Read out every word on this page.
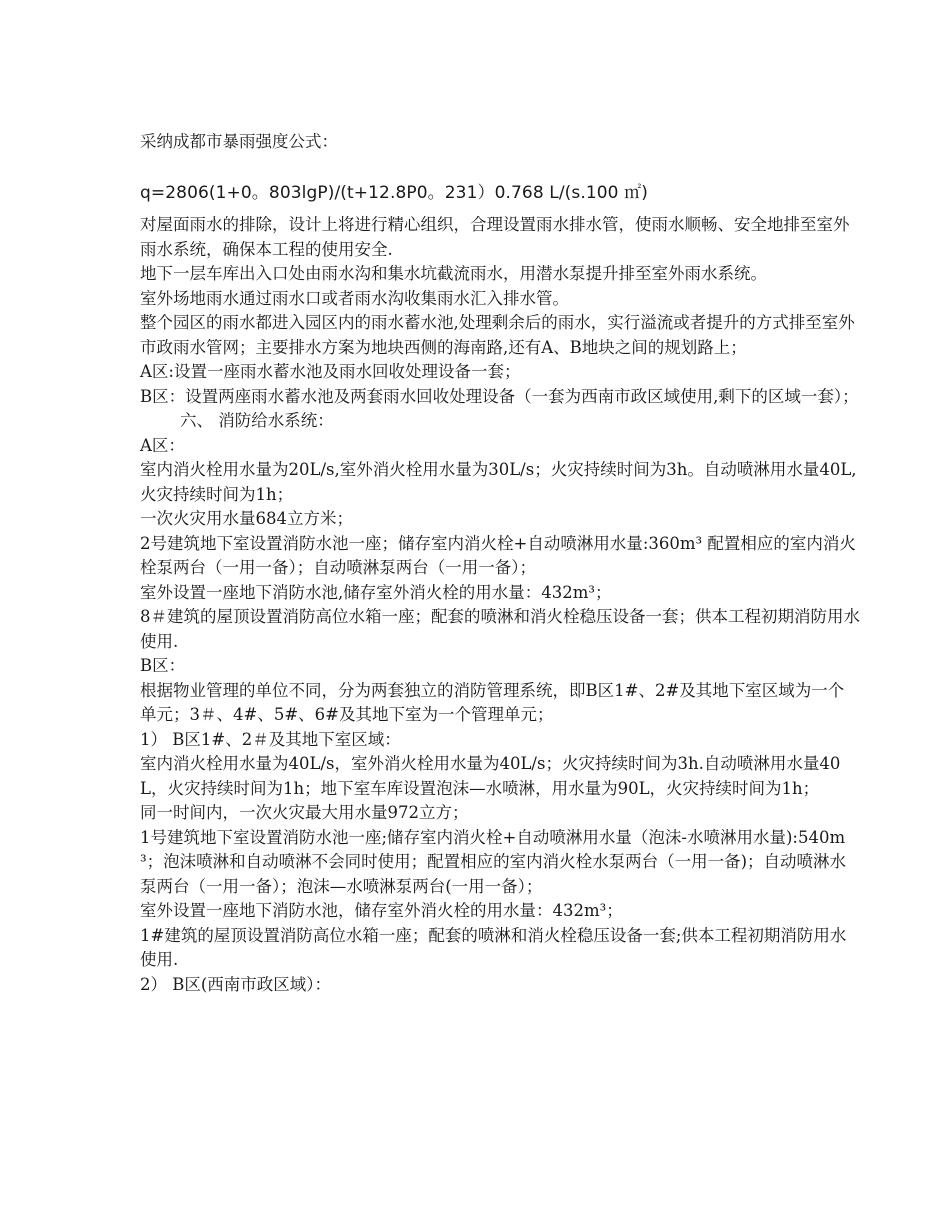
采纳成都市暴雨强度公式：

q=2806(1+0。803lgP)/(t+12.8P0。231）0.768 L/(s.100 ㎡)

对屋面雨水的排除，设计上将进行精心组织，合理设置雨水排水管，使雨水顺畅、安全地排至室外雨水系统，确保本工程的使用安全.

地下一层车库出入口处由雨水沟和集水坑截流雨水，用潜水泵提升排至室外雨水系统。

室外场地雨水通过雨水口或者雨水沟收集雨水汇入排水管。

整个园区的雨水都进入园区内的雨水蓄水池,处理剩余后的雨水，实行溢流或者提升的方式排至室外市政雨水管网；主要排水方案为地块西侧的海南路,还有A、B地块之间的规划路上；

A区:设置一座雨水蓄水池及雨水回收处理设备一套；

B区：设置两座雨水蓄水池及两套雨水回收处理设备（一套为西南市政区域使用,剩下的区域一套）；

六、 消防给水系统：

A区：

室内消火栓用水量为20L/s,室外消火栓用水量为30L/s；火灾持续时间为3h。自动喷淋用水量40L,火灾持续时间为1h；

一次火灾用水量684立方米；

2号建筑地下室设置消防水池一座；储存室内消火栓+自动喷淋用水量:360m³ 配置相应的室内消火栓泵两台（一用一备）；自动喷淋泵两台（一用一备）；

室外设置一座地下消防水池,储存室外消火栓的用水量：432m³；

8＃建筑的屋顶设置消防高位水箱一座；配套的喷淋和消火栓稳压设备一套；供本工程初期消防用水使用.

B区：

根据物业管理的单位不同，分为两套独立的消防管理系统，即B区1#、2#及其地下室区域为一个单元；3＃、4#、5#、6#及其地下室为一个管理单元；

1） B区1#、2＃及其地下室区域：

室内消火栓用水量为40L/s，室外消火栓用水量为40L/s；火灾持续时间为3h.自动喷淋用水量40L，火灾持续时间为1h；地下室车库设置泡沫—水喷淋，用水量为90L，火灾持续时间为1h；

同一时间内，一次火灾最大用水量972立方；

1号建筑地下室设置消防水池一座;储存室内消火栓+自动喷淋用水量（泡沫-水喷淋用水量):540m³；泡沫喷淋和自动喷淋不会同时使用；配置相应的室内消火栓水泵两台（一用一备)；自动喷淋水泵两台（一用一备）；泡沫—水喷淋泵两台(一用一备）；

室外设置一座地下消防水池，储存室外消火栓的用水量：432m³；

1#建筑的屋顶设置消防高位水箱一座；配套的喷淋和消火栓稳压设备一套;供本工程初期消防用水使用.

2） B区(西南市政区域）：
